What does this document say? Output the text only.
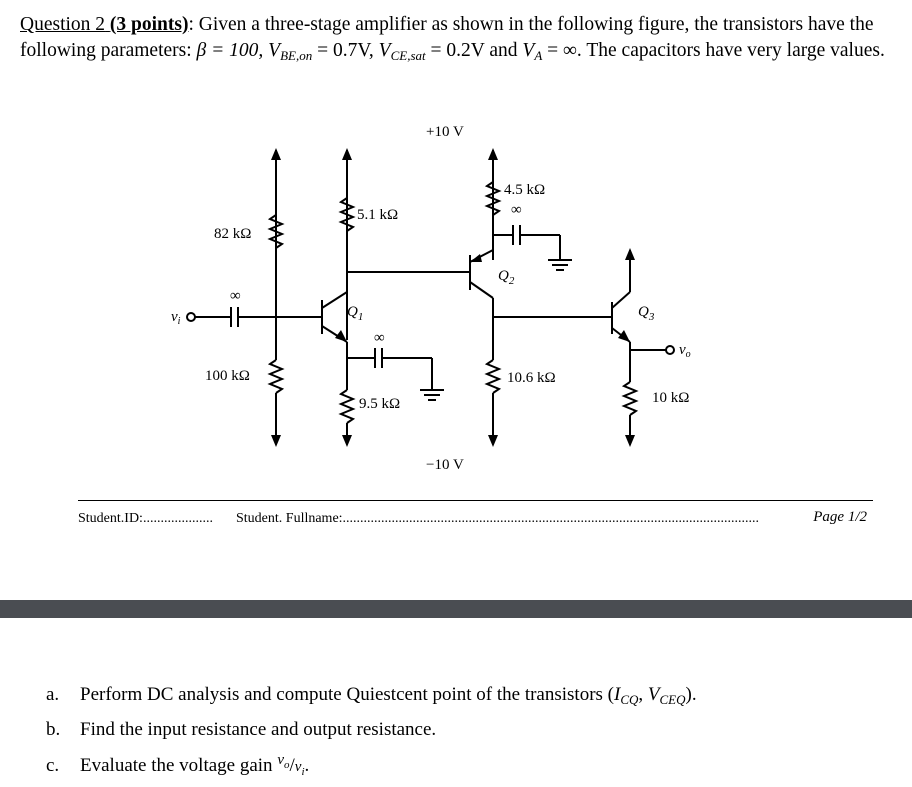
Question 2 (3 points): Given a three-stage amplifier as shown in the following figure, the transistors have the following parameters: β = 100, $V_{BE,on} = 0.7V$, $V_{CE,sat} = 0.2V$ and $V_A$ = ∞. The capacitors have very large values.
+10 V
−10 V
82 kΩ
100 kΩ
5.1 kΩ
9.5 kΩ
4.5 kΩ
10.6 kΩ
10 kΩ
∞
∞
∞
$Q_1$
$Q_2$
$Q_3$
$v_i$
$v_o$
Student.ID:.................... Student. Fullname:.......................................................................................................................	Page 1/2
a. Perform DC analysis and compute Quiestcent point of the transistors ($I_{CQ}$, $V_{CEQ}$).
b. Find the input resistance and output resistance.
c. Evaluate the voltage gain $^v_o/v_i$.
